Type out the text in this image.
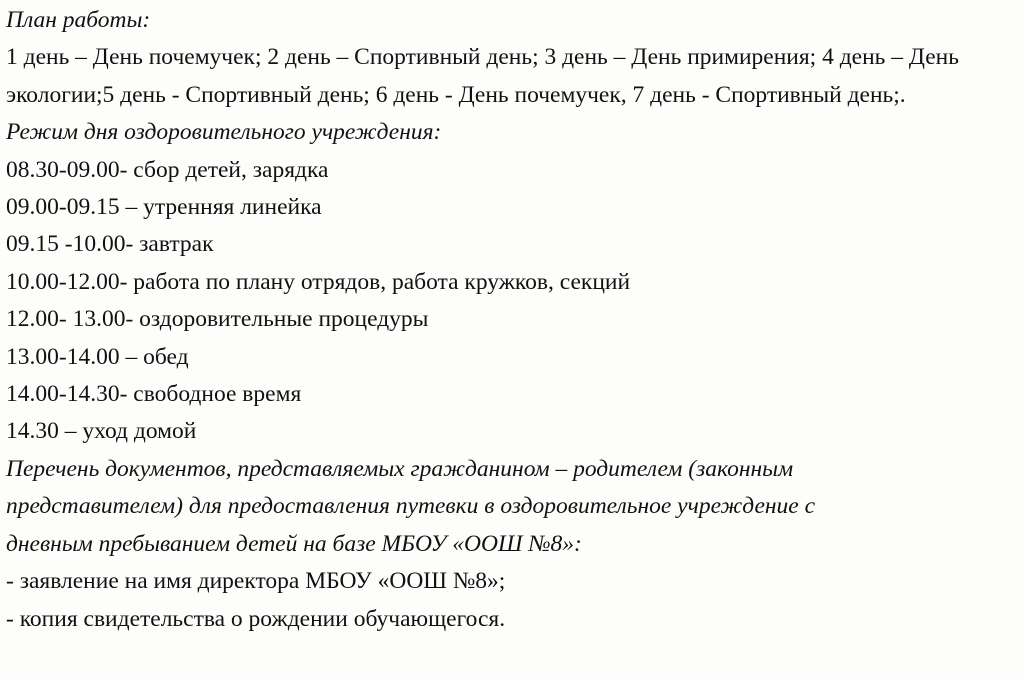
План работы:
1 день – День почемучек; 2 день – Спортивный день; 3 день – День примирения; 4 день – День экологии;5 день - Спортивный день; 6 день - День почемучек, 7 день - Спортивный день;.
Режим дня оздоровительного учреждения:
08.30-09.00- сбор детей, зарядка
09.00-09.15 – утренняя линейка
09.15 -10.00- завтрак
10.00-12.00- работа по плану отрядов, работа кружков, секций
12.00- 13.00- оздоровительные процедуры
13.00-14.00 – обед
14.00-14.30- свободное время
14.30 – уход домой
Перечень документов, представляемых гражданином – родителем (законным
представителем) для предоставления путевки в оздоровительное учреждение с
дневным пребыванием детей на базе МБОУ «ООШ №8»:
- заявление на имя директора МБОУ «ООШ №8»;
- копия свидетельства о рождении обучающегося.
